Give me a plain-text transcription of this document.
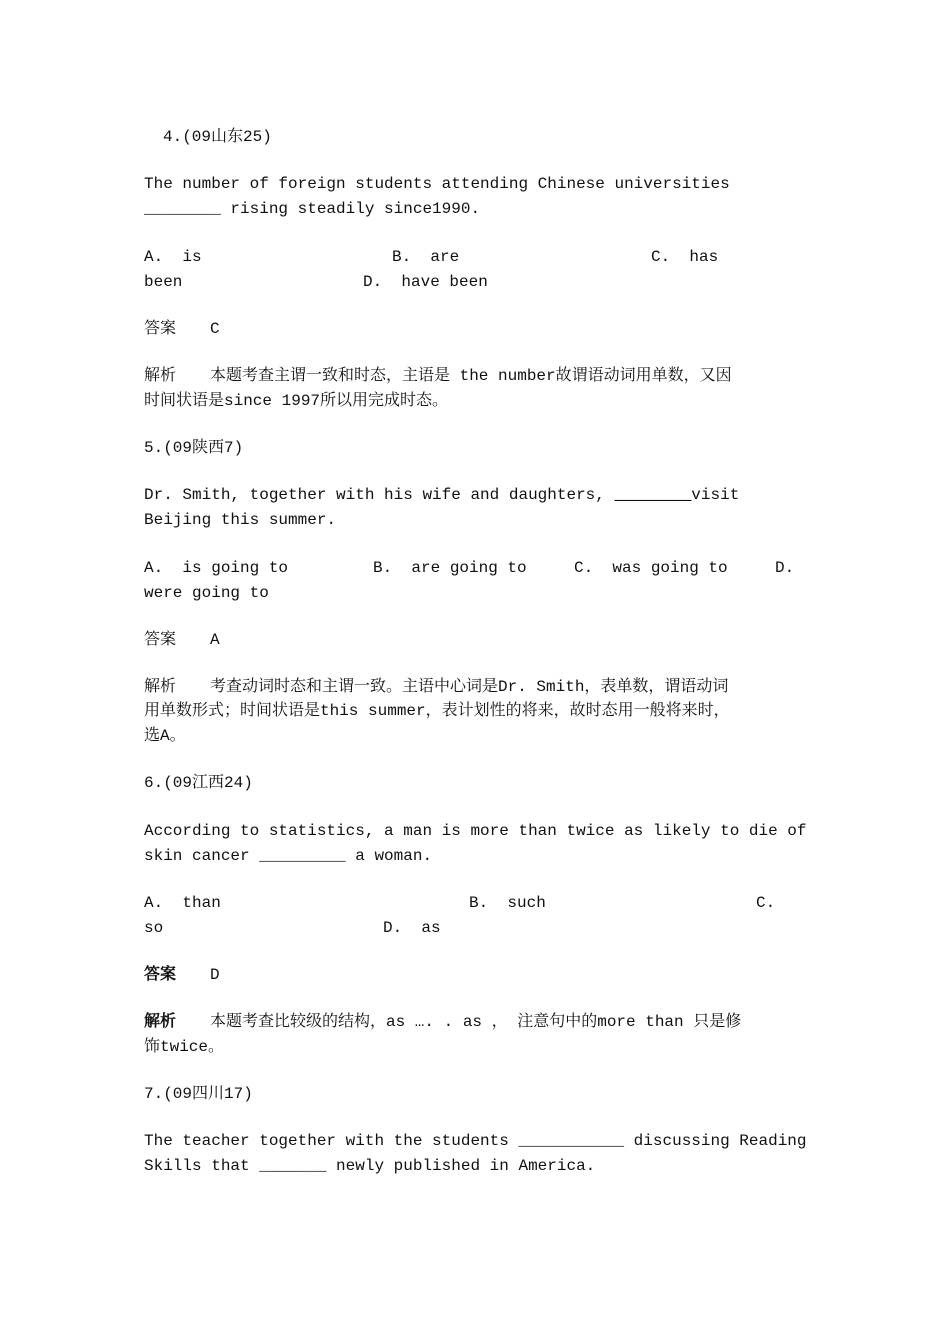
4.(09山东25)
The number of foreign students attending Chinese universities
________ rising steadily since1990.
A.  is	B.  are	C.  has
been	D.  have been
答案 C
解析 本题考查主谓一致和时态，主语是 the number故谓语动词用单数，又因
时间状语是since 1997所以用完成时态。
5.(09陕西7)
Dr. Smith, together with his wife and daughters, ________visit
Beijing this summer.
A.  is going to	B.  are going to	C.  was going to	D.
were going to
答案 A
解析 考查动词时态和主谓一致。主语中心词是Dr. Smith，表单数，谓语动词
用单数形式；时间状语是this summer，表计划性的将来，故时态用一般将来时，
选A。
6.(09江西24)
According to statistics, a man is more than twice as likely to die of
skin cancer _________ a woman.
A.  than	B.  such	C.
so	D.  as
答案 D
解析 本题考查比较级的结构，as …. . as ， 注意句中的more than 只是修
饰twice。
7.(09四川17)
The teacher together with the students ___________ discussing Reading
Skills that _______ newly published in America.
